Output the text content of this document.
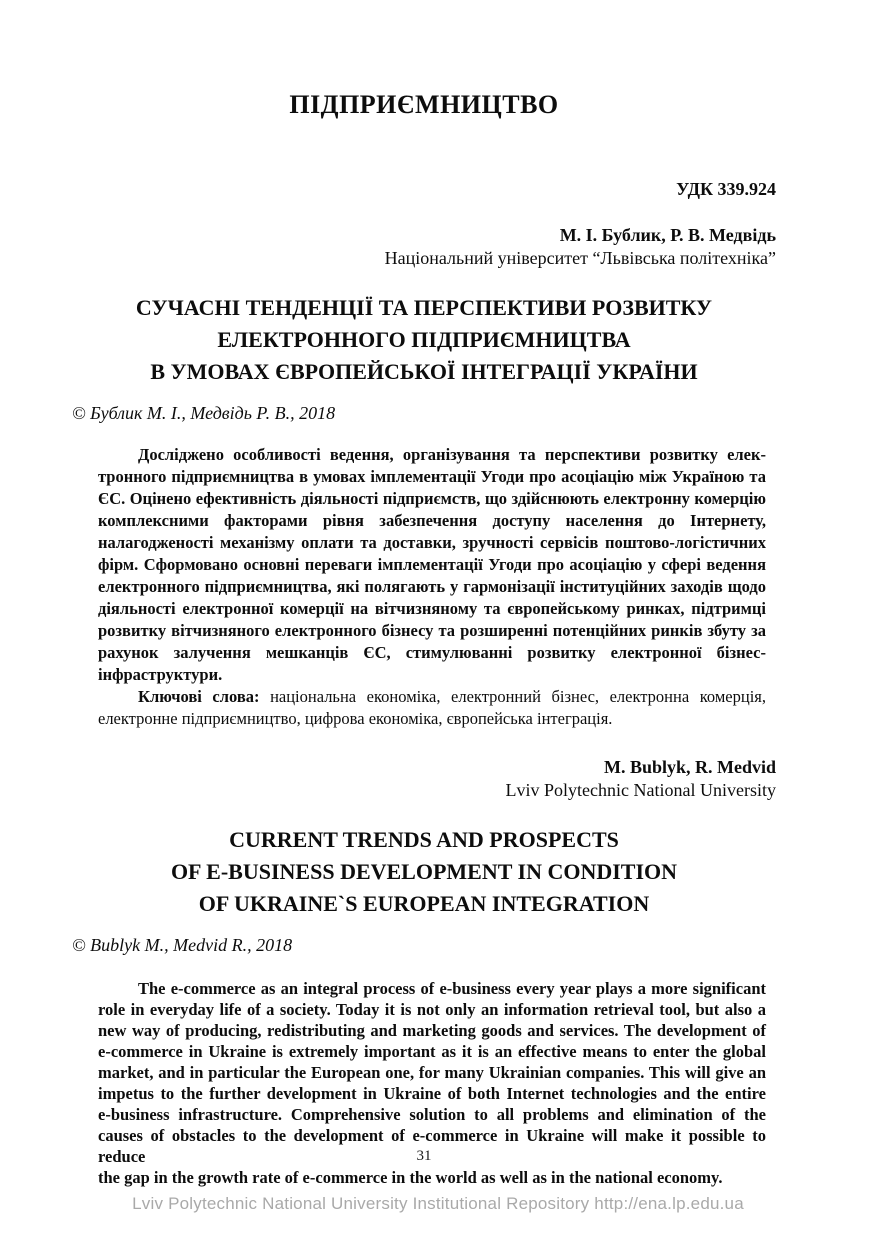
ПІДПРИЄМНИЦТВО
УДК 339.924
М. І. Бублик, Р. В. Медвідь
Національний університет “Львівська політехніка”
СУЧАСНІ ТЕНДЕНЦІЇ ТА ПЕРСПЕКТИВИ РОЗВИТКУ
ЕЛЕКТРОННОГО ПІДПРИЄМНИЦТВА
В УМОВАХ ЄВРОПЕЙСЬКОЇ ІНТЕГРАЦІЇ УКРАЇНИ
© Бублик М. І., Медвідь Р. В., 2018
Досліджено особливості ведення, організування та перспективи розвитку елек-
тронного підприємництва в умовах імплементації Угоди про асоціацію між Україною та
ЄС. Оцінено ефективність діяльності підприємств, що здійснюють електронну комерцію
комплексними факторами рівня забезпечення доступу населення до Інтернету,
налагодженості механізму оплати та доставки, зручності сервісів поштово-логістичних
фірм. Сформовано основні переваги імплементації Угоди про асоціацію у сфері ведення
електронного підприємництва, які полягають у гармонізації інституційних заходів щодо
діяльності електронної комерції на вітчизняному та європейському ринках, підтримці
розвитку вітчизняного електронного бізнесу та розширенні потенційних ринків збуту за
рахунок залучення мешканців ЄС, стимулюванні розвитку електронної бізнес-
інфраструктури.
Ключові слова: національна економіка, електронний бізнес, електронна комерція,
електронне підприємництво, цифрова економіка, європейська інтеграція.
M. Bublyk, R. Medvid
Lviv Polytechnic National University
CURRENT TRENDS AND PROSPECTS
OF E-BUSINESS DEVELOPMENT IN CONDITION
OF UKRAINE`S EUROPEAN INTEGRATION
© Bublyk M., Medvid R., 2018
The e-commerce as an integral process of e-business every year plays a more significant
role in everyday life of a society. Today it is not only an information retrieval tool, but also a
new way of producing, redistributing and marketing goods and services. The development of
e-commerce in Ukraine is extremely important as it is an effective means to enter the global
market, and in particular the European one, for many Ukrainian companies. This will give an
impetus to the further development in Ukraine of both Internet technologies and the entire
e-business infrastructure. Comprehensive solution to all problems and elimination of the
causes of obstacles to the development of e-commerce in Ukraine will make it possible to reduce
the gap in the growth rate of e-commerce in the world as well as in the national economy.
31
Lviv Polytechnic National University Institutional Repository http://ena.lp.edu.ua
